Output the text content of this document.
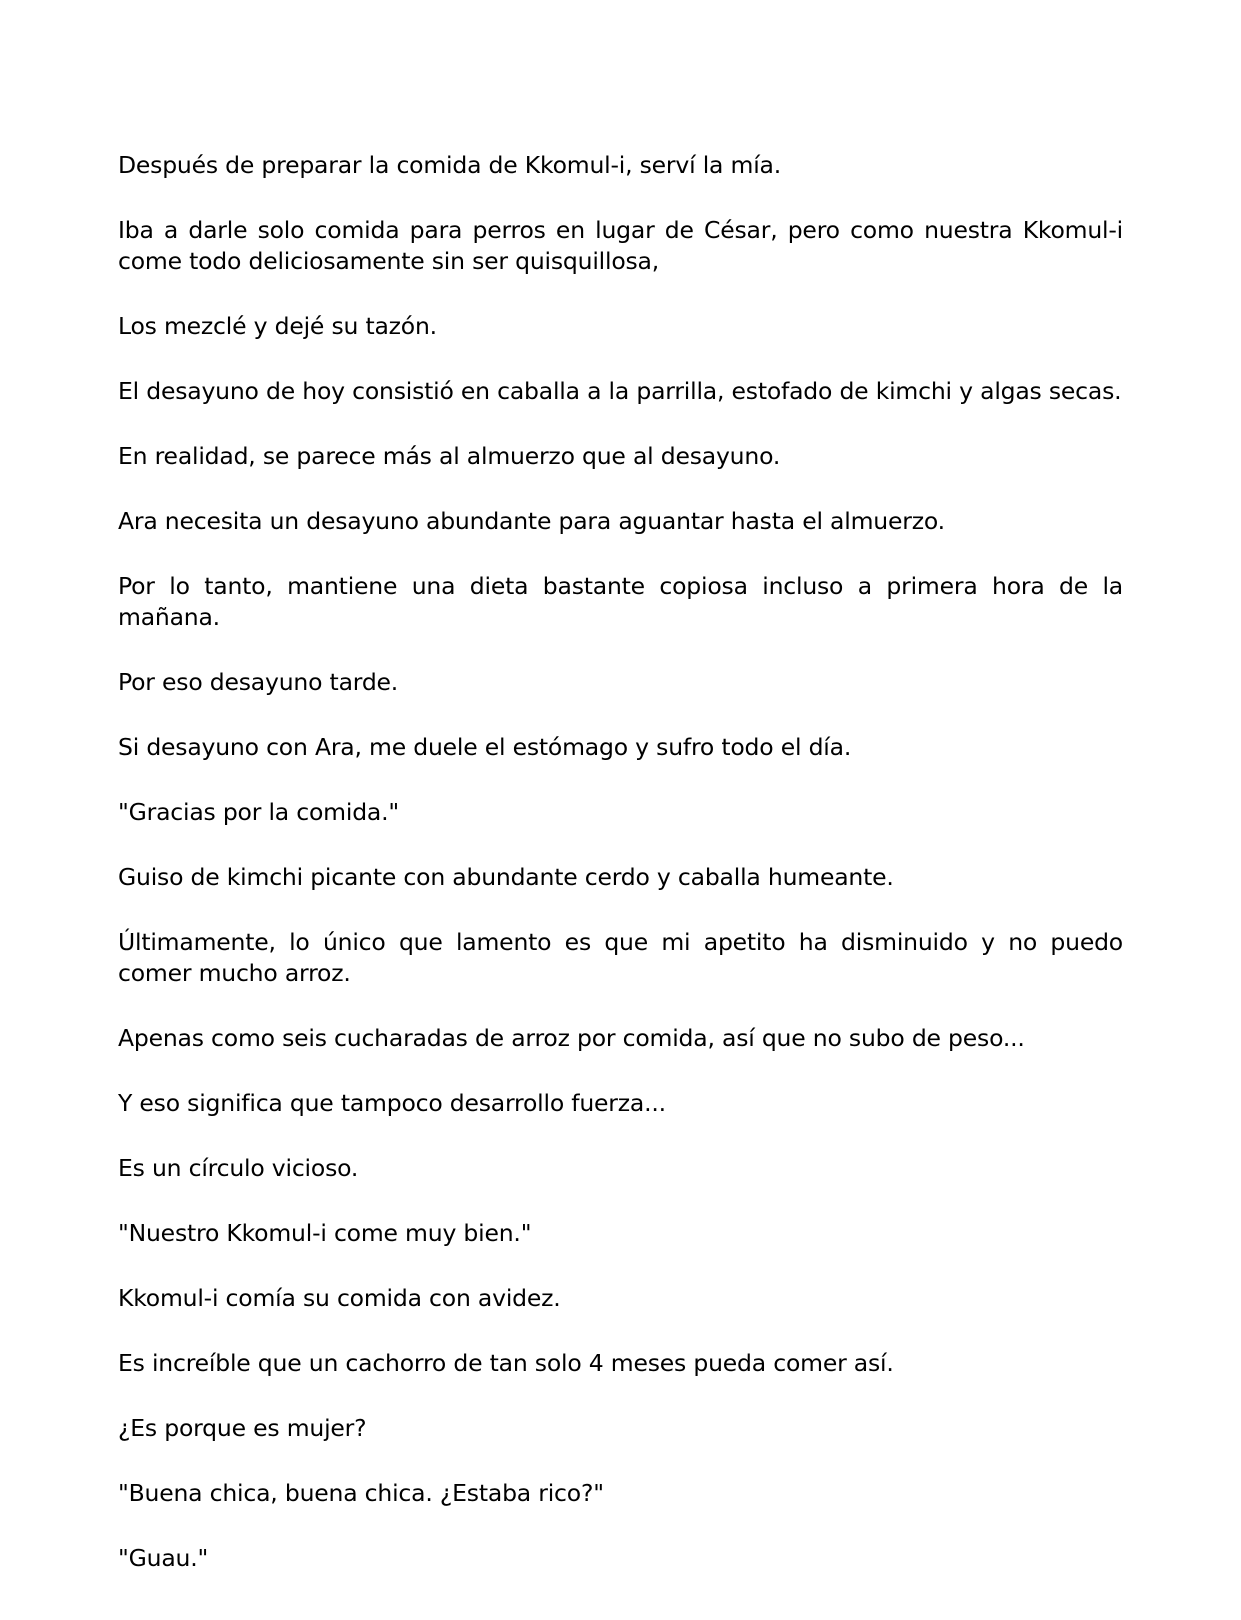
Después de preparar la comida de Kkomul-i, serví la mía.

Iba a darle solo comida para perros en lugar de César, pero como nuestra Kkomul-i come todo deliciosamente sin ser quisquillosa,

Los mezclé y dejé su tazón.

El desayuno de hoy consistió en caballa a la parrilla, estofado de kimchi y algas secas.

En realidad, se parece más al almuerzo que al desayuno.

Ara necesita un desayuno abundante para aguantar hasta el almuerzo.

Por lo tanto, mantiene una dieta bastante copiosa incluso a primera hora de la mañana.

Por eso desayuno tarde.

Si desayuno con Ara, me duele el estómago y sufro todo el día.

"Gracias por la comida."

Guiso de kimchi picante con abundante cerdo y caballa humeante.

Últimamente, lo único que lamento es que mi apetito ha disminuido y no puedo comer mucho arroz.

Apenas como seis cucharadas de arroz por comida, así que no subo de peso...

Y eso significa que tampoco desarrollo fuerza...

Es un círculo vicioso.

"Nuestro Kkomul-i come muy bien."

Kkomul-i comía su comida con avidez.

Es increíble que un cachorro de tan solo 4 meses pueda comer así.

¿Es porque es mujer?

"Buena chica, buena chica. ¿Estaba rico?"

"Guau."
